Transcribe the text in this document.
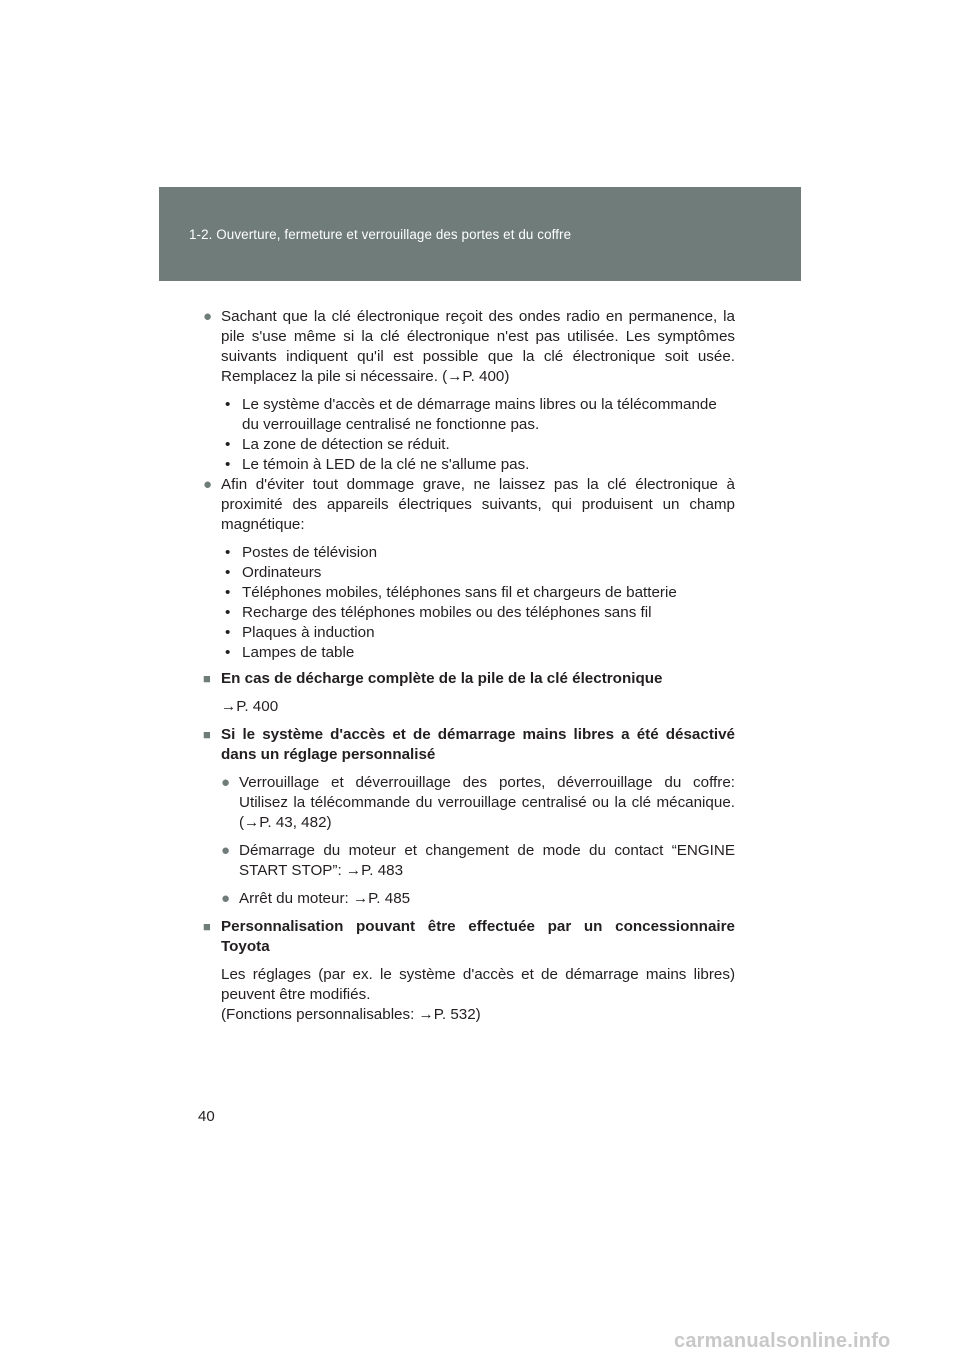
1-2. Ouverture, fermeture et verrouillage des portes et du coffre
● Sachant que la clé électronique reçoit des ondes radio en permanence, la pile s'use même si la clé électronique n'est pas utilisée. Les symptômes suivants indiquent qu'il est possible que la clé électronique soit usée. Remplacez la pile si nécessaire. (→P. 400)

• Le système d'accès et de démarrage mains libres ou la télécommande du verrouillage centralisé ne fonctionne pas.
• La zone de détection se réduit.
• Le témoin à LED de la clé ne s'allume pas.
● Afin d'éviter tout dommage grave, ne laissez pas la clé électronique à proximité des appareils électriques suivants, qui produisent un champ magnétique:

• Postes de télévision
• Ordinateurs
• Téléphones mobiles, téléphones sans fil et chargeurs de batterie
• Recharge des téléphones mobiles ou des téléphones sans fil
• Plaques à induction
• Lampes de table
■ En cas de décharge complète de la pile de la clé électronique

→P. 400

■ Si le système d'accès et de démarrage mains libres a été désactivé dans un réglage personnalisé
● Verrouillage et déverrouillage des portes, déverrouillage du coffre: Utilisez la télécommande du verrouillage centralisé ou la clé mécanique. (→P. 43, 482)

● Démarrage du moteur et changement de mode du contact “ENGINE START STOP”: →P. 483

● Arrêt du moteur: →P. 485

■ Personnalisation pouvant être effectuée par un concessionnaire Toyota

Les réglages (par ex. le système d'accès et de démarrage mains libres) peuvent être modifiés.

(Fonctions personnalisables: →P. 532)

40
carmanualsonline.info
